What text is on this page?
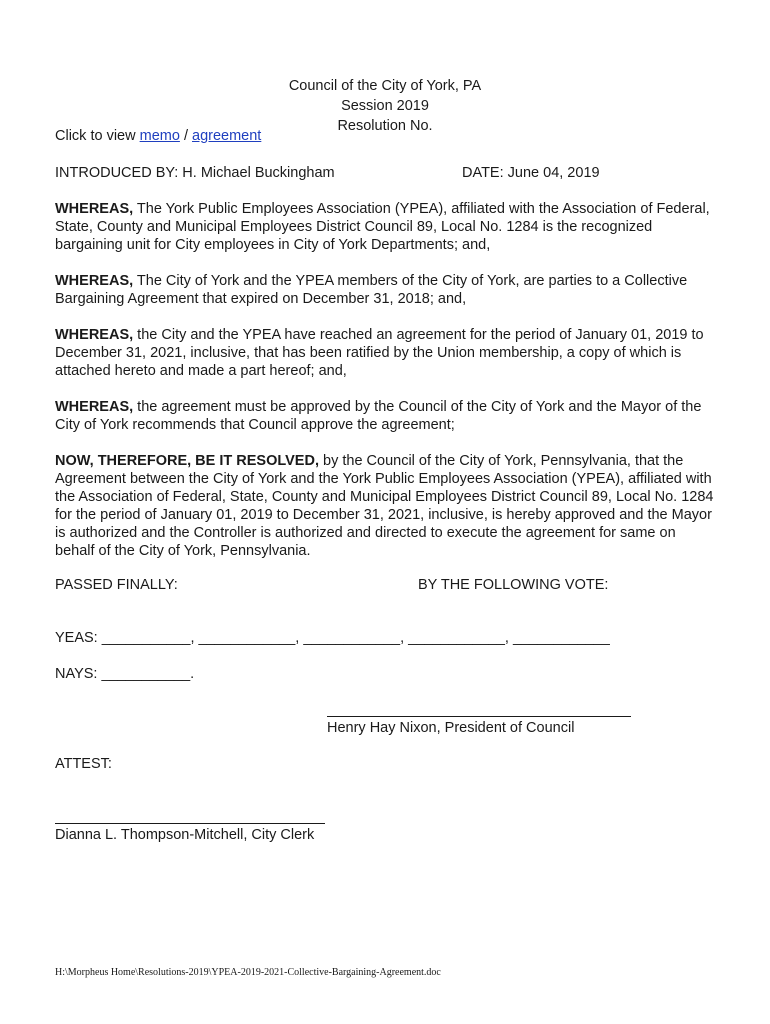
Council of the City of York, PA
Session 2019
Resolution No.
Click to view memo / agreement
INTRODUCED BY: H. Michael Buckingham	DATE: June 04, 2019
WHEREAS, The York Public Employees Association (YPEA), affiliated with the Association of Federal, State, County and Municipal Employees District Council 89, Local No. 1284 is the recognized bargaining unit for City employees in City of York Departments; and,
WHEREAS, The City of York and the YPEA members of the City of York, are parties to a Collective Bargaining Agreement that expired on December 31, 2018; and,
WHEREAS, the City and the YPEA have reached an agreement for the period of January 01, 2019 to December 31, 2021, inclusive, that has been ratified by the Union membership, a copy of which is attached hereto and made a part hereof; and,
WHEREAS, the agreement must be approved by the Council of the City of York and the Mayor of the City of York recommends that Council approve the agreement;
NOW, THEREFORE, BE IT RESOLVED, by the Council of the City of York, Pennsylvania, that the Agreement between the City of York and the York Public Employees Association (YPEA), affiliated with the Association of Federal, State, County and Municipal Employees District Council 89, Local No. 1284 for the period of January 01, 2019 to December 31, 2021, inclusive, is hereby approved and the Mayor is authorized and the Controller is authorized and directed to execute the agreement for same on behalf of the City of York, Pennsylvania.
PASSED FINALLY:	BY THE FOLLOWING VOTE:
YEAS: ___________, ____________, ____________, ____________, ____________
NAYS: ___________.
Henry Hay Nixon, President of Council
ATTEST:
Dianna L. Thompson-Mitchell, City Clerk
H:\Morpheus Home\Resolutions-2019\YPEA-2019-2021-Collective-Bargaining-Agreement.doc
